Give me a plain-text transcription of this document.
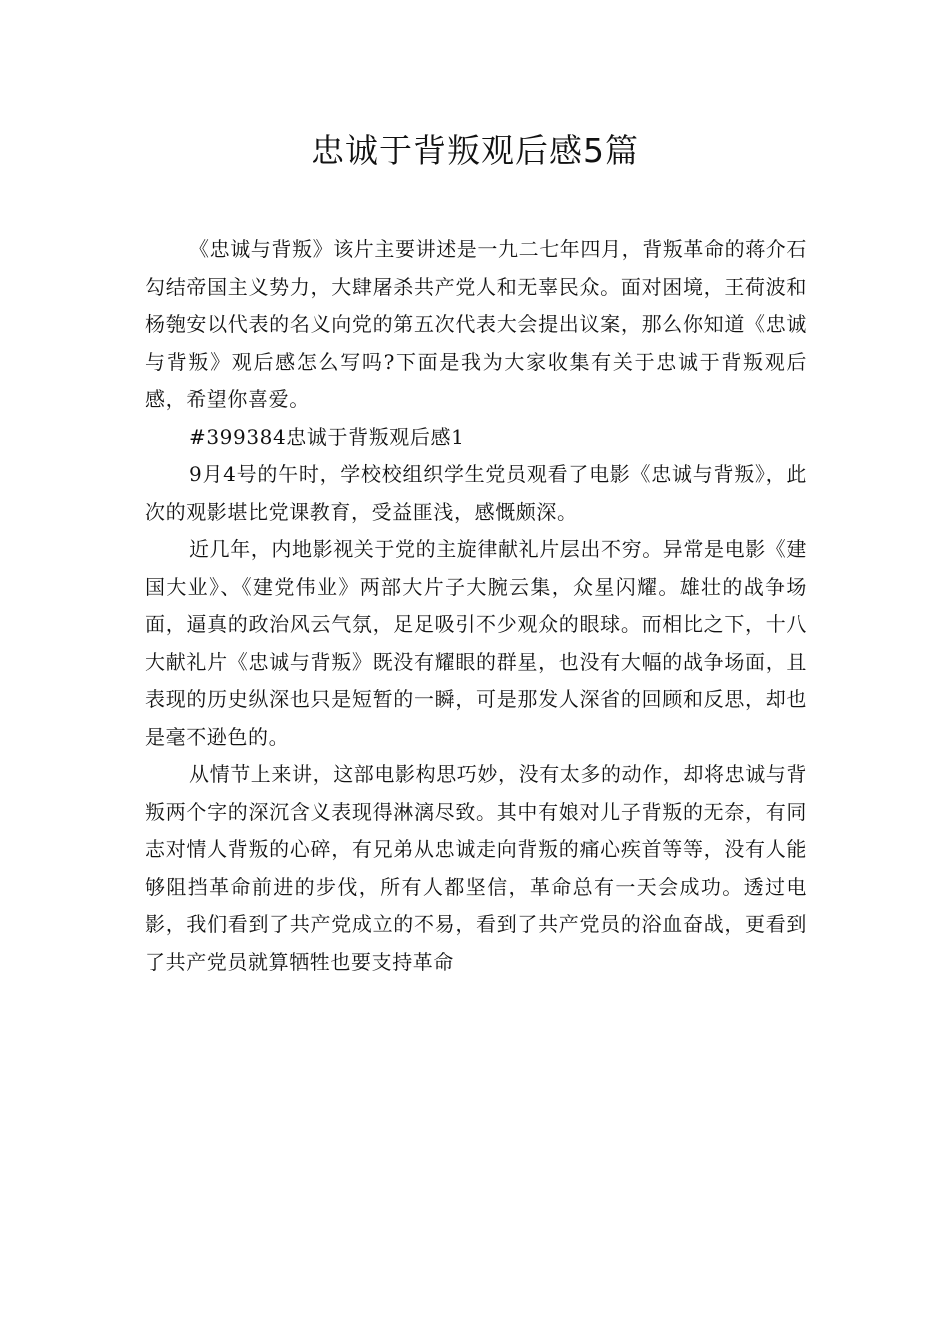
忠诚于背叛观后感5篇

《忠诚与背叛》该片主要讲述是一九二七年四月，背叛革命的蒋介石勾结帝国主义势力，大肆屠杀共产党人和无辜民众。面对困境，王荷波和杨匏安以代表的名义向党的第五次代表大会提出议案，那么你知道《忠诚与背叛》观后感怎么写吗?下面是我为大家收集有关于忠诚于背叛观后感，希望你喜爱。

#399384忠诚于背叛观后感1

9月4号的午时，学校校组织学生党员观看了电影《忠诚与背叛》，此次的观影堪比党课教育，受益匪浅，感慨颇深。

近几年，内地影视关于党的主旋律献礼片层出不穷。异常是电影《建国大业》、《建党伟业》两部大片子大腕云集，众星闪耀。雄壮的战争场面，逼真的政治风云气氛，足足吸引不少观众的眼球。而相比之下，十八大献礼片《忠诚与背叛》既没有耀眼的群星，也没有大幅的战争场面，且表现的历史纵深也只是短暂的一瞬，可是那发人深省的回顾和反思，却也是毫不逊色的。

从情节上来讲，这部电影构思巧妙，没有太多的动作，却将忠诚与背叛两个字的深沉含义表现得淋漓尽致。其中有娘对儿子背叛的无奈，有同志对情人背叛的心碎，有兄弟从忠诚走向背叛的痛心疾首等等，没有人能够阻挡革命前进的步伐，所有人都坚信，革命总有一天会成功。透过电影，我们看到了共产党成立的不易，看到了共产党员的浴血奋战，更看到了共产党员就算牺牲也要支持革命
